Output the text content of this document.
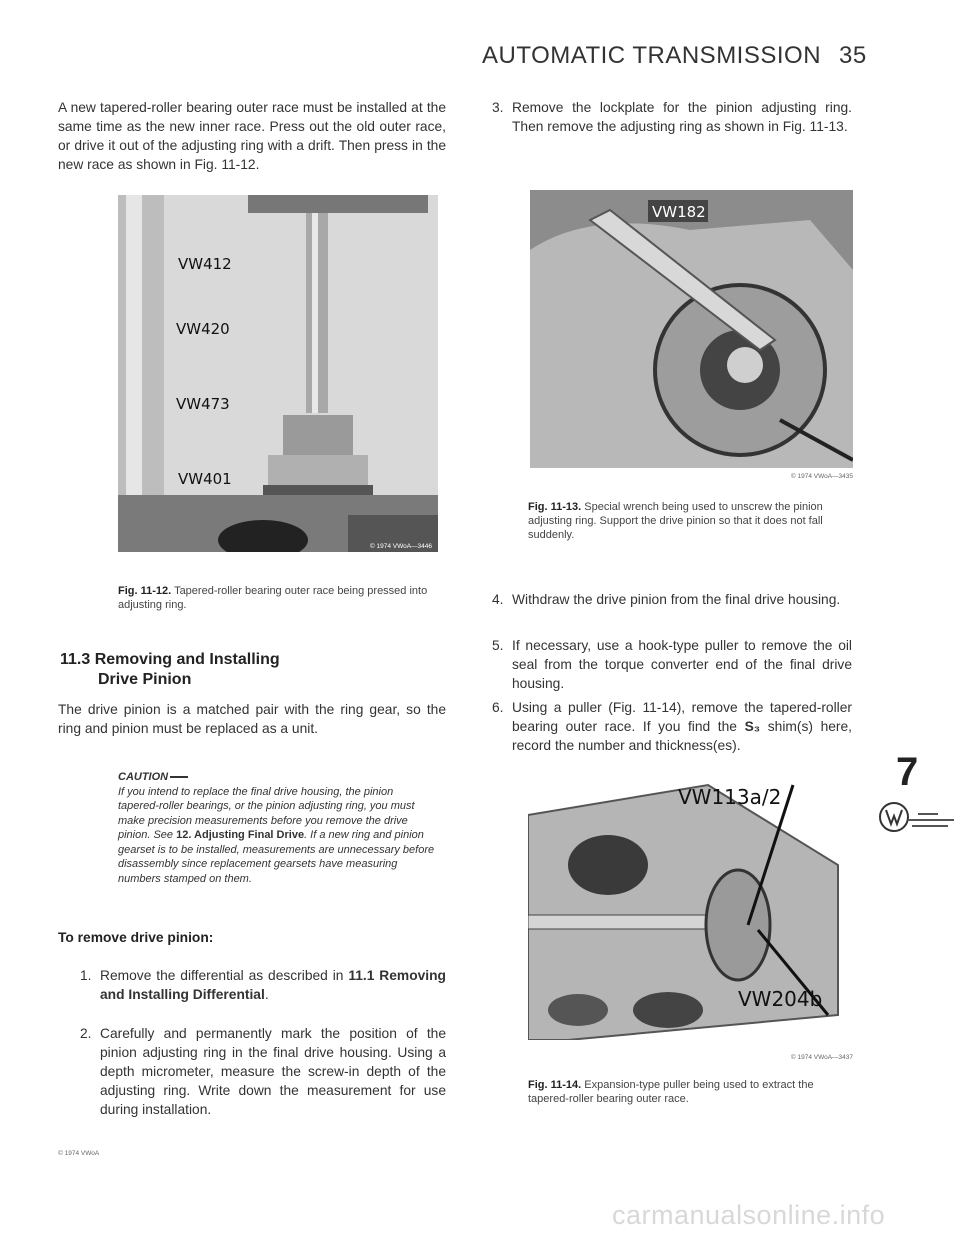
AUTOMATIC TRANSMISSION 35
A new tapered-roller bearing outer race must be installed at the same time as the new inner race. Press out the old outer race, or drive it out of the adjusting ring with a drift. Then press in the new race as shown in Fig. 11-12.
VW412
VW420
VW473
VW401
© 1974 VWoA—3446
Fig. 11-12. Tapered-roller bearing outer race being pressed into adjusting ring.
11.3 Removing and Installing
Drive Pinion
The drive pinion is a matched pair with the ring gear, so the ring and pinion must be replaced as a unit.
CAUTION
If you intend to replace the final drive housing, the pinion tapered-roller bearings, or the pinion adjusting ring, you must make precision measurements before you remove the drive pinion. See 12. Adjusting Final Drive. If a new ring and pinion gearset is to be installed, measurements are unnecessary before disassembly since replacement gearsets have measuring numbers stamped on them.
To remove drive pinion:
1. Remove the differential as described in 11.1 Removing and Installing Differential.
2. Carefully and permanently mark the position of the pinion adjusting ring in the final drive housing. Using a depth micrometer, measure the screw-in depth of the adjusting ring. Write down the measurement for use during installation.
© 1974 VWoA
3. Remove the lockplate for the pinion adjusting ring. Then remove the adjusting ring as shown in Fig. 11-13.
VW182
© 1974 VWoA—3435
Fig. 11-13. Special wrench being used to unscrew the pinion adjusting ring. Support the drive pinion so that it does not fall suddenly.
4. Withdraw the drive pinion from the final drive housing.
5. If necessary, use a hook-type puller to remove the oil seal from the torque converter end of the final drive housing.
6. Using a puller (Fig. 11-14), remove the tapered-roller bearing outer race. If you find the S₃ shim(s) here, record the number and thickness(es).
VW113a/2
VW204b
© 1974 VWoA—3437
Fig. 11-14. Expansion-type puller being used to extract the tapered-roller bearing outer race.
7
carmanualsonline.info
